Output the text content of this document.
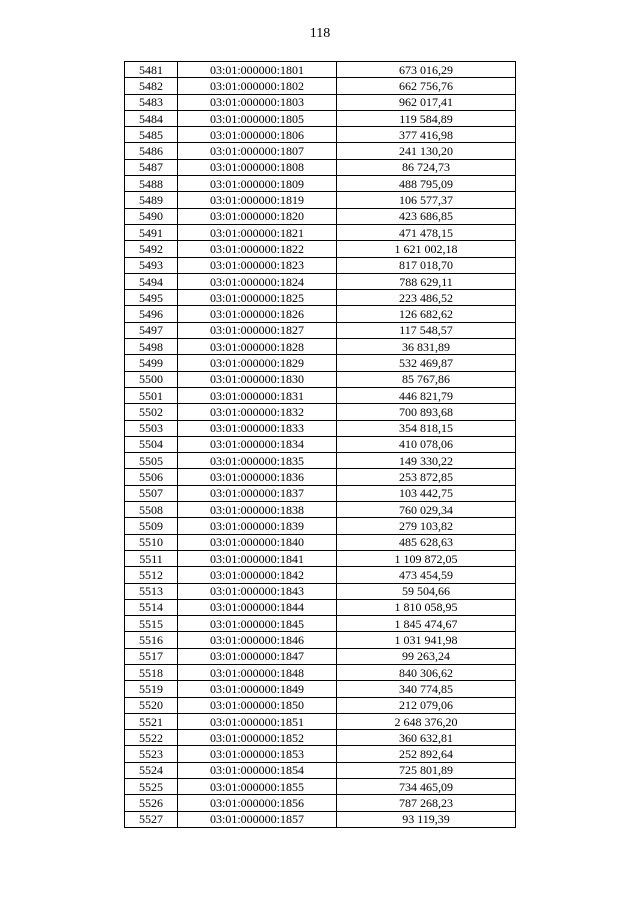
118
5481	03:01:000000:1801	673 016,29
5482	03:01:000000:1802	662 756,76
5483	03:01:000000:1803	962 017,41
5484	03:01:000000:1805	119 584,89
5485	03:01:000000:1806	377 416,98
5486	03:01:000000:1807	241 130,20
5487	03:01:000000:1808	86 724,73
5488	03:01:000000:1809	488 795,09
5489	03:01:000000:1819	106 577,37
5490	03:01:000000:1820	423 686,85
5491	03:01:000000:1821	471 478,15
5492	03:01:000000:1822	1 621 002,18
5493	03:01:000000:1823	817 018,70
5494	03:01:000000:1824	788 629,11
5495	03:01:000000:1825	223 486,52
5496	03:01:000000:1826	126 682,62
5497	03:01:000000:1827	117 548,57
5498	03:01:000000:1828	36 831,89
5499	03:01:000000:1829	532 469,87
5500	03:01:000000:1830	85 767,86
5501	03:01:000000:1831	446 821,79
5502	03:01:000000:1832	700 893,68
5503	03:01:000000:1833	354 818,15
5504	03:01:000000:1834	410 078,06
5505	03:01:000000:1835	149 330,22
5506	03:01:000000:1836	253 872,85
5507	03:01:000000:1837	103 442,75
5508	03:01:000000:1838	760 029,34
5509	03:01:000000:1839	279 103,82
5510	03:01:000000:1840	485 628,63
5511	03:01:000000:1841	1 109 872,05
5512	03:01:000000:1842	473 454,59
5513	03:01:000000:1843	59 504,66
5514	03:01:000000:1844	1 810 058,95
5515	03:01:000000:1845	1 845 474,67
5516	03:01:000000:1846	1 031 941,98
5517	03:01:000000:1847	99 263,24
5518	03:01:000000:1848	840 306,62
5519	03:01:000000:1849	340 774,85
5520	03:01:000000:1850	212 079,06
5521	03:01:000000:1851	2 648 376,20
5522	03:01:000000:1852	360 632,81
5523	03:01:000000:1853	252 892,64
5524	03:01:000000:1854	725 801,89
5525	03:01:000000:1855	734 465,09
5526	03:01:000000:1856	787 268,23
5527	03:01:000000:1857	93 119,39
